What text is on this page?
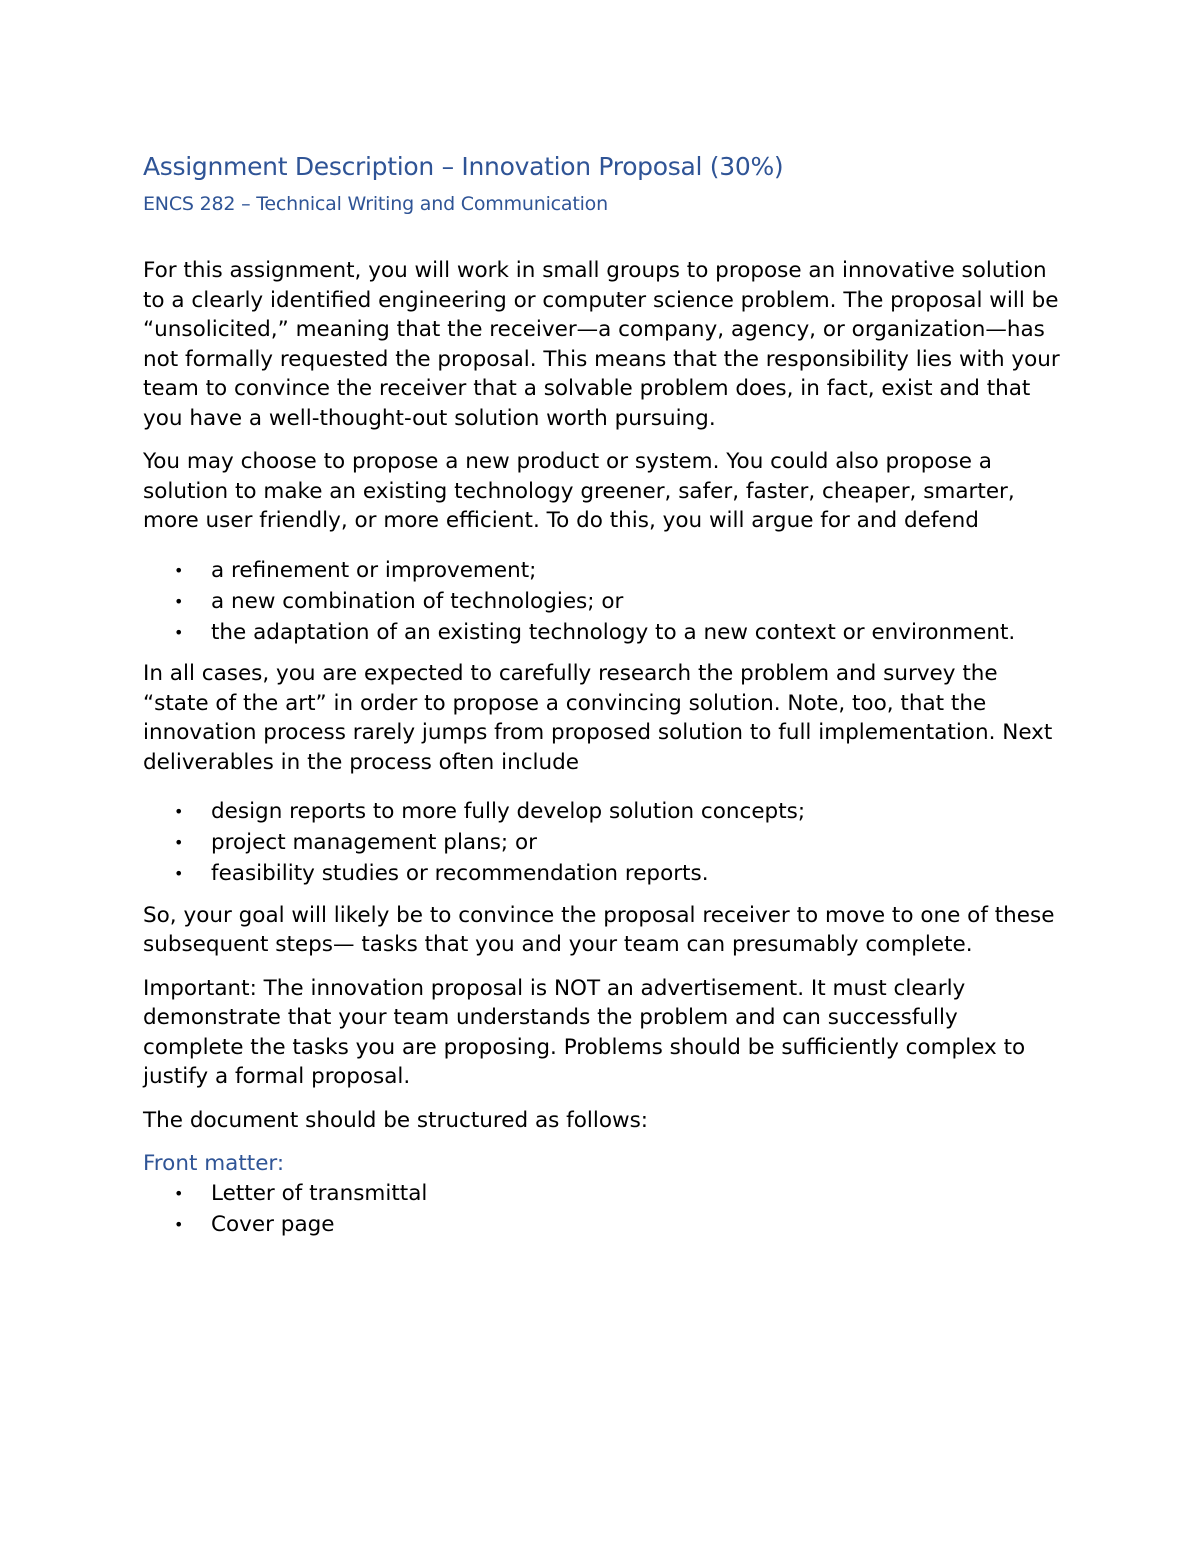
Assignment Description – Innovation Proposal (30%)
ENCS 282 – Technical Writing and Communication

For this assignment, you will work in small groups to propose an innovative solution to a clearly identified engineering or computer science problem. The proposal will be “unsolicited,” meaning that the receiver—a company, agency, or organization—has not formally requested the proposal. This means that the responsibility lies with your team to convince the receiver that a solvable problem does, in fact, exist and that you have a well-thought-out solution worth pursuing.

You may choose to propose a new product or system. You could also propose a solution to make an existing technology greener, safer, faster, cheaper, smarter, more user friendly, or more efficient. To do this, you will argue for and defend

• a refinement or improvement;
• a new combination of technologies; or
• the adaptation of an existing technology to a new context or environment.

In all cases, you are expected to carefully research the problem and survey the “state of the art” in order to propose a convincing solution. Note, too, that the innovation process rarely jumps from proposed solution to full implementation. Next deliverables in the process often include

• design reports to more fully develop solution concepts;
• project management plans; or
• feasibility studies or recommendation reports.

So, your goal will likely be to convince the proposal receiver to move to one of these subsequent steps— tasks that you and your team can presumably complete.

Important: The innovation proposal is NOT an advertisement. It must clearly demonstrate that your team understands the problem and can successfully complete the tasks you are proposing. Problems should be sufficiently complex to justify a formal proposal.

The document should be structured as follows:

Front matter:
• Letter of transmittal
• Cover page
